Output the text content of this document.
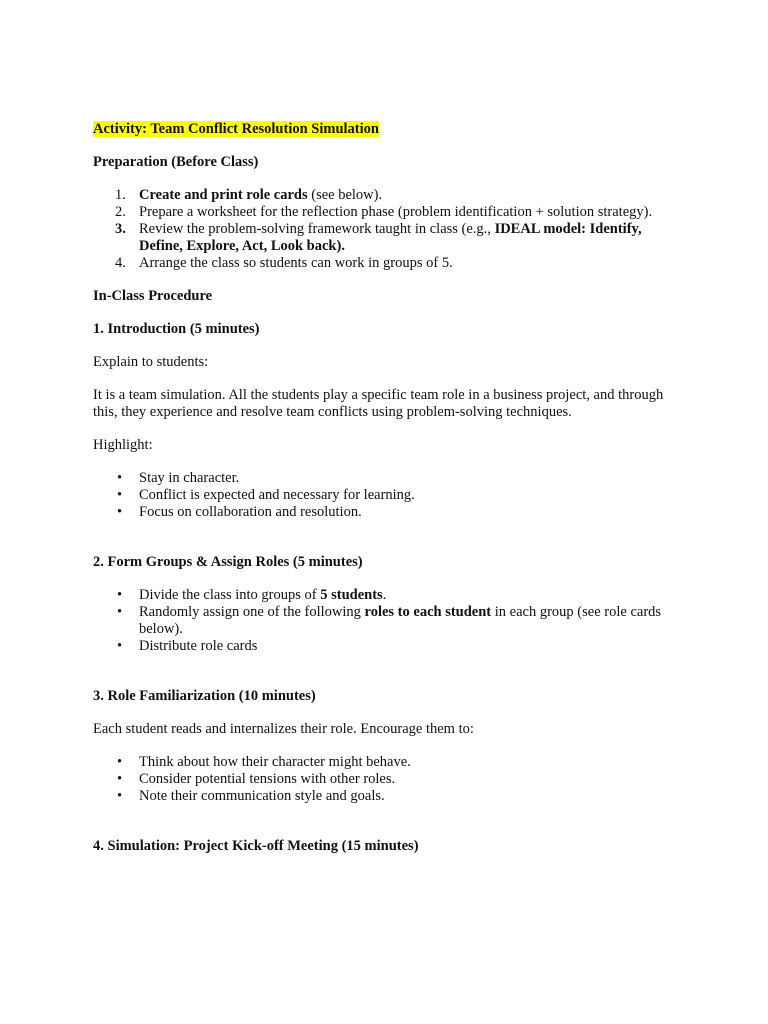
Activity: Team Conflict Resolution Simulation

Preparation (Before Class)

1. Create and print role cards (see below).
2. Prepare a worksheet for the reflection phase (problem identification + solution strategy).
3. Review the problem-solving framework taught in class (e.g., IDEAL model: Identify, Define, Explore, Act, Look back).
4. Arrange the class so students can work in groups of 5.

In-Class Procedure

1. Introduction (5 minutes)

Explain to students:

It is a team simulation. All the students play a specific team role in a business project, and through this, they experience and resolve team conflicts using problem-solving techniques.

Highlight:

• Stay in character.
• Conflict is expected and necessary for learning.
• Focus on collaboration and resolution.

2. Form Groups & Assign Roles (5 minutes)

• Divide the class into groups of 5 students.
• Randomly assign one of the following roles to each student in each group (see role cards below).
• Distribute role cards

3. Role Familiarization (10 minutes)

Each student reads and internalizes their role. Encourage them to:

• Think about how their character might behave.
• Consider potential tensions with other roles.
• Note their communication style and goals.

4. Simulation: Project Kick-off Meeting (15 minutes)
